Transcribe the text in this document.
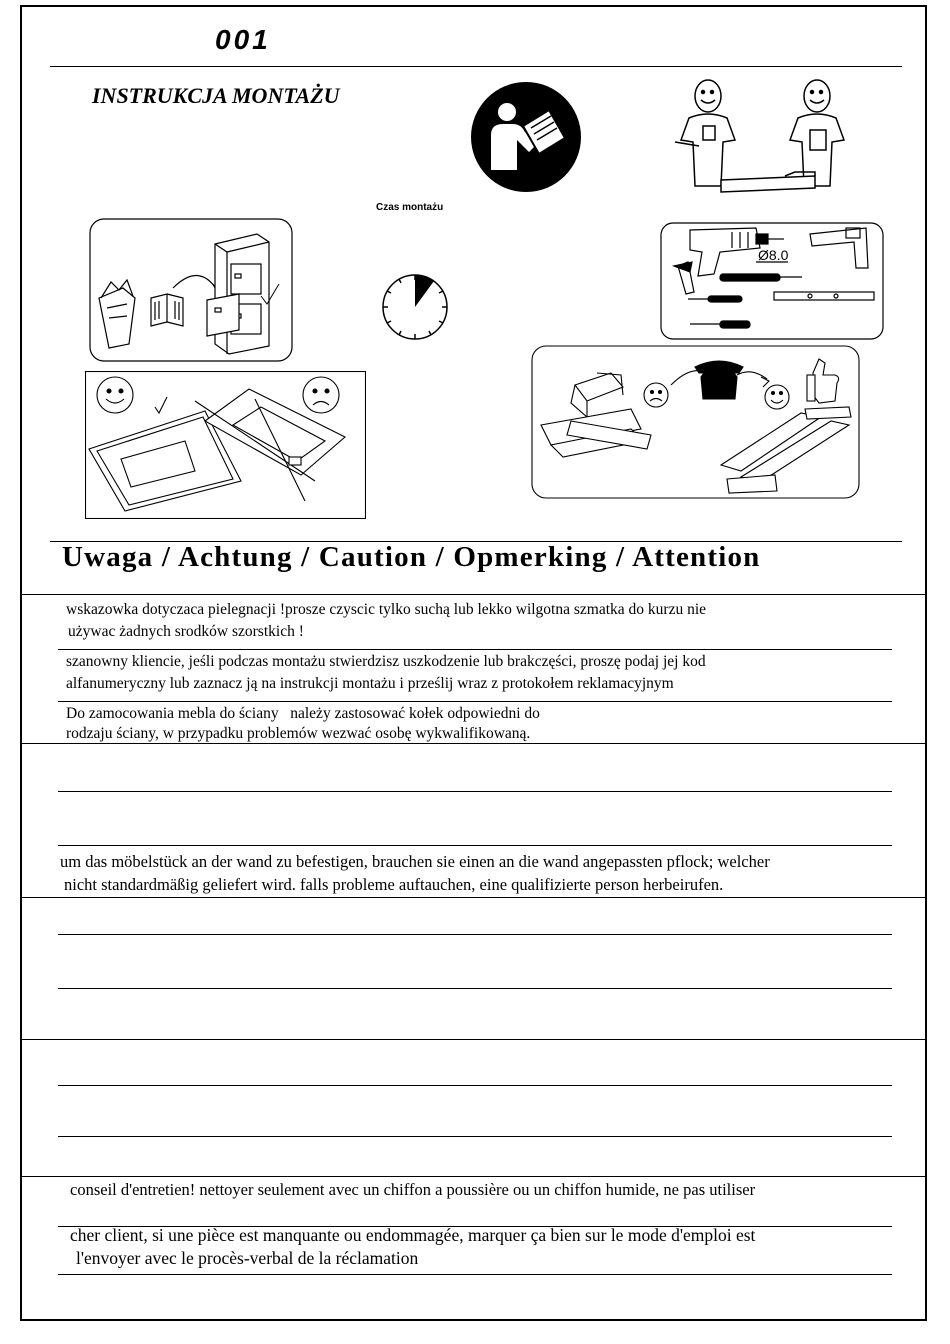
001
INSTRUKCJA MONTAŻU
Czas montażu
Ø8.0
Uwaga / Achtung / Caution / Opmerking / Attention
wskazowka dotyczaca pielegnacji !prosze czyscic tylko suchą lub lekko wilgotna szmatka do kurzu nie
używac żadnych srodków szorstkich !
szanowny kliencie, jeśli podczas montażu stwierdzisz uszkodzenie lub brakczęści, proszę podaj jej kod
alfanumeryczny lub zaznacz ją na instrukcji montażu i prześlij wraz z protokołem reklamacyjnym
Do zamocowania mebla do ściany   należy zastosować kołek odpowiedni do
rodzaju ściany, w przypadku problemów wezwać osobę wykwalifikowaną.
um das möbelstück an der wand zu befestigen, brauchen sie einen an die wand angepassten pflock; welcher
nicht standardmäßig geliefert wird. falls probleme auftauchen, eine qualifizierte person herbeirufen.
conseil d'entretien! nettoyer seulement avec un chiffon a poussière ou un chiffon humide, ne pas utiliser
cher client, si une pièce est manquante ou endommagée, marquer ça bien sur le mode d'emploi est
l'envoyer avec le procès-verbal de la réclamation
